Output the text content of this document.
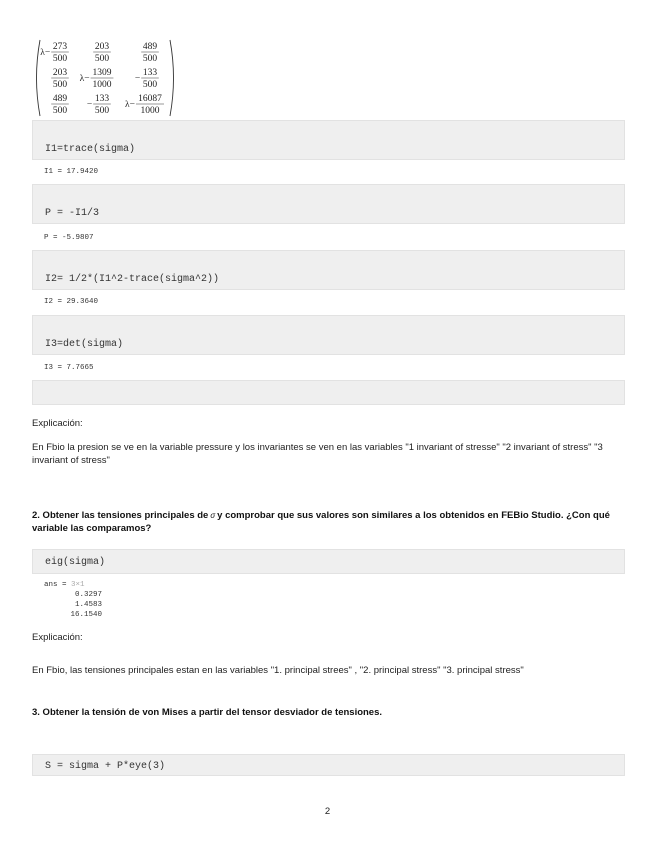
λ−
273
500
203
500
489
500
203
500
λ−
1309
1000
−
133
500
489
500
−
133
500
λ−
16087
1000
I1=trace(sigma)
I1 = 17.9420
P = -I1/3
P = -5.9807
I2= 1/2*(I1^2-trace(sigma^2))
I2 = 29.3640
I3=det(sigma)
I3 = 7.7665
Explicación:
En Fbio la presion se ve en la variable pressure y los invariantes se ven en las variables "1 invariant of stresse" "2 invariant of stress" "3 invariant of stress"
2. Obtener las tensiones principales de σ y comprobar que sus valores son similares a los obtenidos en FEBio Studio. ¿Con qué variable las comparamos?
eig(sigma)
ans = 3×1
0.3297
1.4583
16.1540
Explicación:
En Fbio, las tensiones principales estan en las variables "1. principal strees" , "2. principal stress" "3. principal stress"
3. Obtener la tensión de von Mises a partir del tensor desviador de tensiones.
S = sigma + P*eye(3)
2
